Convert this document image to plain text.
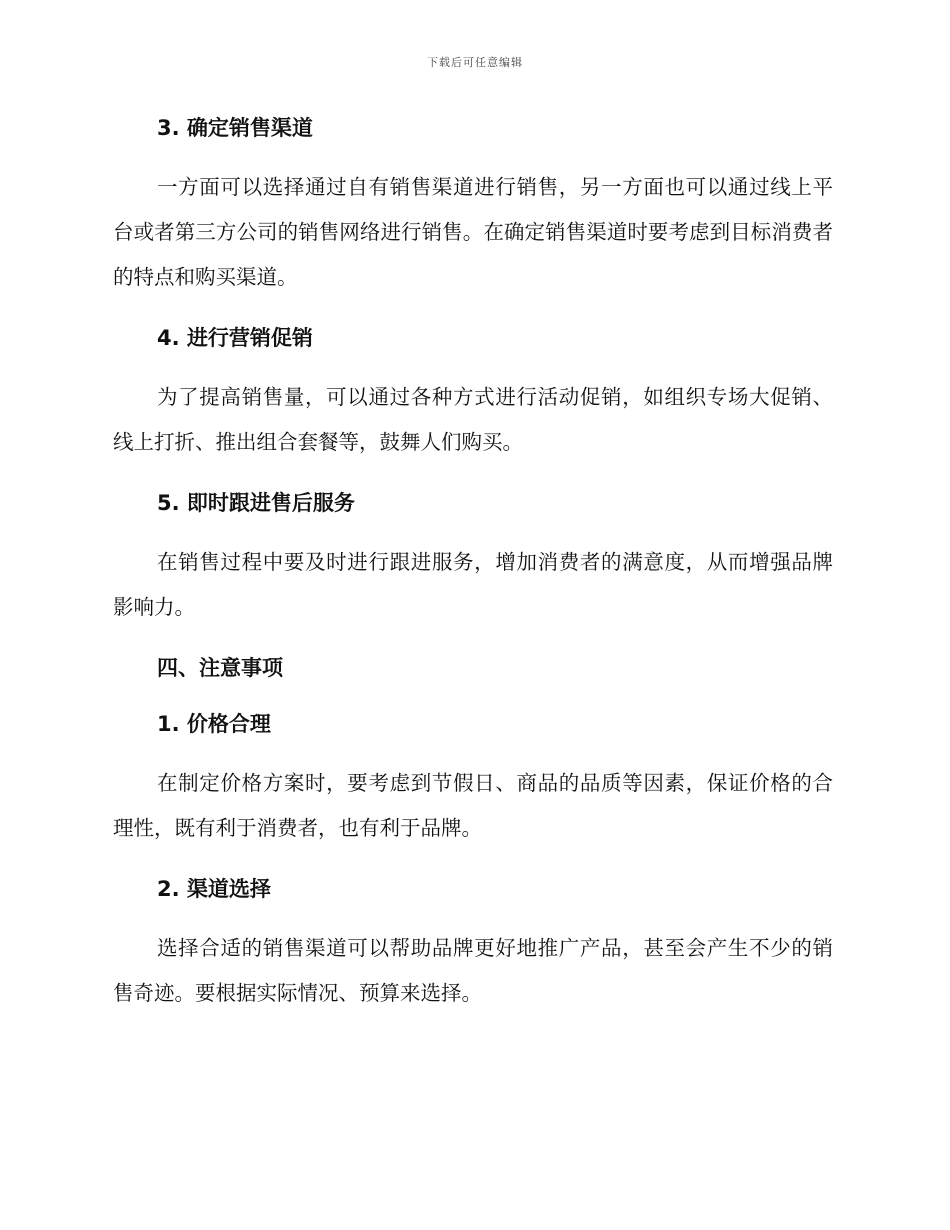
下载后可任意编辑
3. 确定销售渠道

一方面可以选择通过自有销售渠道进行销售，另一方面也可以通过线上平台或者第三方公司的销售网络进行销售。在确定销售渠道时要考虑到目标消费者的特点和购买渠道。

4. 进行营销促销

为了提高销售量，可以通过各种方式进行活动促销，如组织专场大促销、线上打折、推出组合套餐等，鼓舞人们购买。

5. 即时跟进售后服务

在销售过程中要及时进行跟进服务，增加消费者的满意度，从而增强品牌影响力。

四、注意事项
1. 价格合理

在制定价格方案时，要考虑到节假日、商品的品质等因素，保证价格的合理性，既有利于消费者，也有利于品牌。

2. 渠道选择

选择合适的销售渠道可以帮助品牌更好地推广产品，甚至会产生不少的销售奇迹。要根据实际情况、预算来选择。
